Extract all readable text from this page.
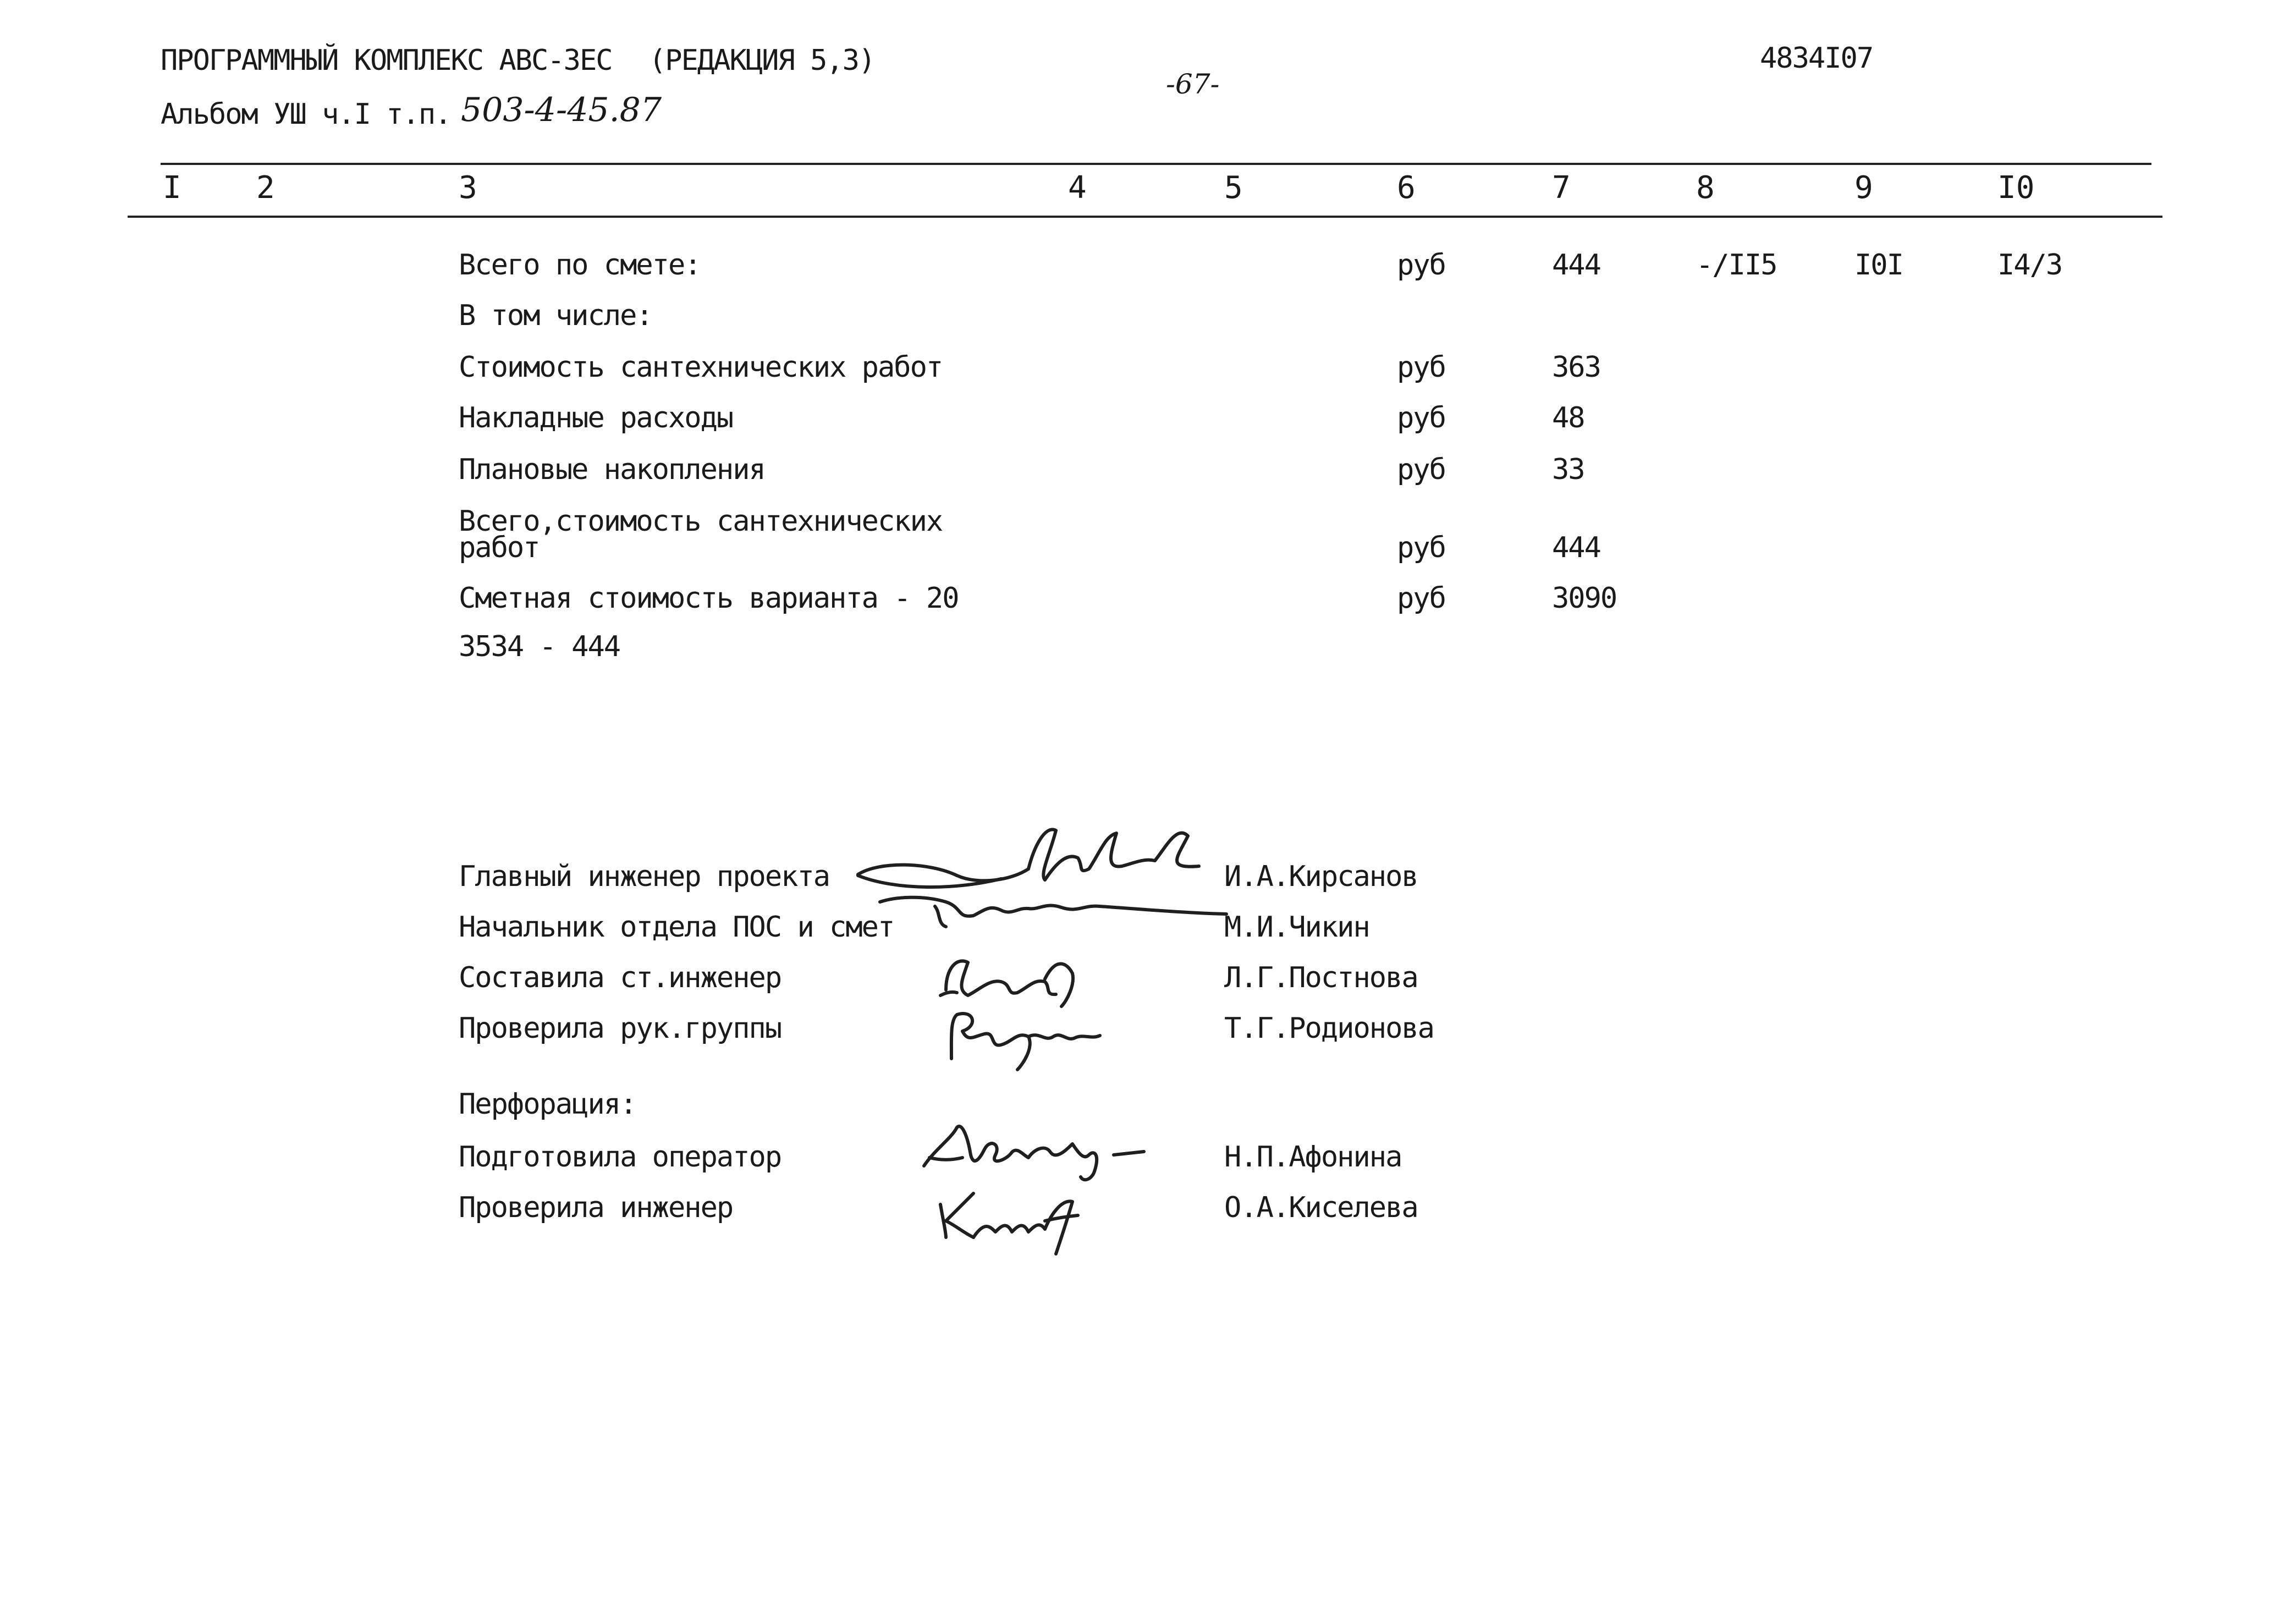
ПРОГРАММНЫЙ КОМПЛЕКС АВС-3ЕС (РЕДАКЦИЯ 5,3)
Альбом УШ ч.I т.п. 503-4-45.87
-67-
4834I07
I 2	3	4	5	6	7	8	9	I0
Всего по смете:	руб	444	-/II5	I0I	I4/3
В том числе:
Стоимость сантехнических работ	руб	363
Накладные расходы	руб	48
Плановые накопления	руб	33
Всего,стоимость сантехнических
работ	руб	444
Сметная стоимость варианта - 20	руб	3090
3534 - 444
Главный инженер проекта	И.А.Кирсанов
Начальник отдела ПОС и смет	М.И.Чикин
Составила ст.инженер	Л.Г.Постнова
Проверила рук.группы	Т.Г.Родионова
Перфорация:
Подготовила оператор	Н.П.Афонина
Проверила инженер	О.А.Киселева
